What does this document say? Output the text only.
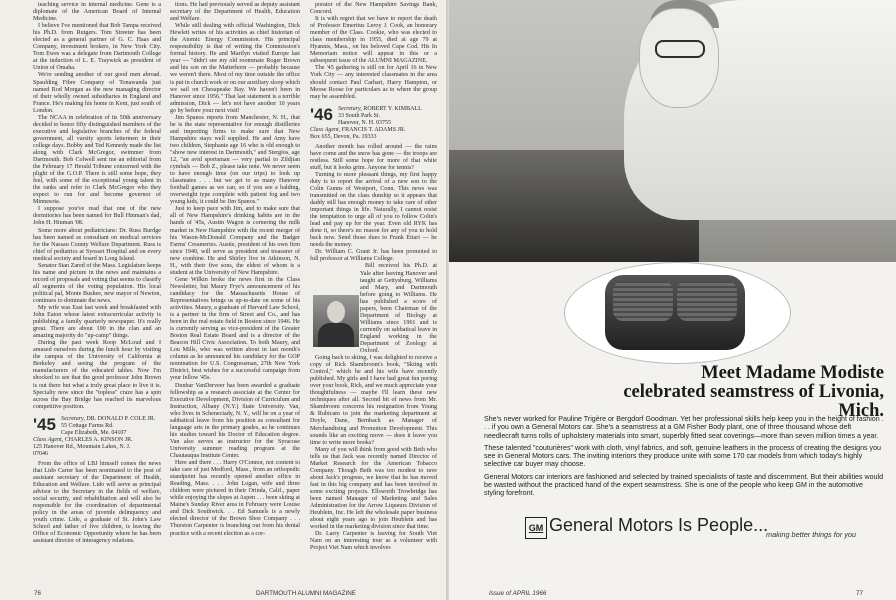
teaching service in internal medicine. Gene is a diplomate of the American Board of Internal Medicine.

I believe I've mentioned that Bob Tampa received his Ph.D. from Rutgers. Tom Streeter has been elected as a general partner of G. C. Haas and Company, investment brokers, in New York City. Tom Ewes was a delegate from Dartmouth College at the induction of L. E. Traywick as president of Union of Omaha.

We're sending another of our good men abroad. Spaulding Fibre Company of Tonawanda just named Rod Morgan as the new managing director of their wholly owned subsidiaries in England and France. He's making his home in Kent, just south of London.

The NCAA in celebration of its 50th anniversary decided to honor fifty distinguished members of the executive and legislative branches of the federal government, all varsity sports lettermen in their college days. Bobby and Ted Kennedy made the list along with Clark McGregor, swimmer from Dartmouth. Bob Colwell sent me an editorial from the February 17 Herald Tribune concerned with the plight of the G.O.P. There is still some hope, they feel, with some of the exceptional young talent in the ranks and refer to Clark McGregor who they expect to run for and become governor of Minnesota.

I suppose you've read that one of the new dormitories has been named for Bull Hinman's dad, John H. Hinman '08.

Some more about pediatricians: Dr. Russ Burdge has been named as consultant on medical services for the Nassau County Welfare Department. Russ is chief of pediatrics at Syosset Hospital and on every medical society and board in Long Island.

Senator Stan Zared of the Mass. Legislature keeps his name and picture in the news and maintains a record of proposals and voting that seems to classify all segments of the voting population. His local political pal, Monte Bushee, new mayor of Newton, continues to dominate the news.

My wife was East last week and breakfasted with John Eaton whose latest extracurricular activity is publishing a family quarterly newspaper. It's really great. There are about 100 in the clan and an amazing majority do "up-camp" things.

During the past week Roop McLoud and I amused ourselves during the lunch hour by visiting the campus of the University of California at Berkeley and seeing the program of the manufacturers of the educated tables. Now I'm shocked to see that the good professor John Brown is out there but what a truly great place to live it is. Specialty now since the "topless" craze has a spin across the Bay Bridge has reached its marvelous competitive position.

'45 Secretary, DR. DONALD P. COLE JR.
55 Cottage Farms Rd.
Cape Elizabeth, Me. 04107
Class Agent, CHARLES A. KINSON JR.
125 Hanover Rd., Mountain Lakes, N. J.
07046

From the office of LBJ himself comes the news that Lido Carter has been nominated to the post of assistant secretary of the Department of Health, Education and Welfare. Lido will serve as principal advisor to the Secretary in the fields of welfare, social security, and rehabilitation and will also be responsible for the coordination of departmental policy in the areas of juvenile delinquency and youth crime. Lide, a graduate of St. John's Law School and father of five children, is leaving the Office of Economic Opportunity where he has been assistant director of interagency relations.

tions. He had previously served as deputy assistant secretary of the Department of Health, Education and Welfare.

While still dealing with official Washington, Dick Hewlett writes of his activities as chief historian of the Atomic Energy Commission. His principal responsibility is that of writing the Commission's formal history. He and Marilyn visited Europe last year — "didn't see my old roommate Roger Brown and his son on the Matterhorn — probably because we weren't there. Most of my time outside the office is put in church work or on our auxiliary sloop which we sail on Chesapeake Bay. We haven't been in Hanover since 1956." That last statement is a terrible admission, Dick — let's not have another 10 years go by before your next visit!

Jim Spanos reports from Manchester, N. H., that he is the state representative for enough distilleries and importing firms to make sure that New Hampshire stays well supplied. He and Amy have two children, Stephanie age 16 who is old enough to "show new interest in Dartmouth," and Stergios, age 12, "an avid sportsman — very partial to Zildjian cymbals — Bob Z., please take note. We never seem to have enough time (on our trips) to look up classmates . . . but we get to as many Hanover football games as we can, so if you see a balding, overweight type complete with patient fog and two young kids, it could be Jim Spanos."

Just to keep pace with Jim, and to make sure that all of New Hampshire's drinking habits are in the hands of '45s, Austin Wagon is cornering the milk market in New Hampshire with the recent merger of his Wason-McDonald Company and the Badger Farms' Creameries. Austie, president of his own firm since 1949, will serve as president and treasurer of new combine. He and Shirley live in Atkinson, N. H., with their five sons, the eldest of whom is a student at the University of New Hampshire.

Gene Wilkin broke the news first in the Class Newsletter, but Maury Frye's announcement of his candidacy for the Massachusetts House of Representatives brings us up-to-date on some of his activities. Maury, a graduate of Harvard Law School, is a partner in the firm of Street and Co., and has been in the real estate field in Boston since 1946. He is currently serving as vice-president of the Greater Boston Real Estate Board and is a director of the Beacon Hill Civic Association. To both Maury, and Lou Mills, who was written about in last month's column as he announced his candidacy for the GOP nomination for U.S. Congressman, 27th New York District, best wishes for a successful campaign from your fellow '45s.

Dunbar VanDerveer has been awarded a graduate fellowship as a research associate at the Center for Executive Development, Division of Curriculum and Instruction, Albany (N.Y.) State University. Van, who lives in Schenectady, N. Y., will be on a year of sabbatical leave from his position as consultant for language arts in the primary grades, as he continues his studies toward his Doctor of Education degree. Van also serves as instructor for the Syracuse University summer reading program at the Chautauqua Institute Center.

Here and there . . . Harry O'Connor, not content to take care of just Medford, Mass., from an orthopedic standpoint has recently opened another office in Reading, Mass. . . . John Logan, wife and three children were pictured in their Orinda, Calif., paper while enjoying the slopes at Aspen . . . been skiing at Maine's Sunday River area in February were Louise and Dick Southwick. . . Ed Samuels is a newly elected director of the Brown Shoe Company . . . Thurston Carpenter is branching out from his dental practice with a recent election as a cor-

porator of the New Hampshire Savings Bank, Concord.

It is with regret that we have to report the death of Professor Emeritus Leroy J. Cook, an honorary member of the Class. Cookie, who was elected to class membership in 1955, died at age 79 at Hyannis, Mass., on his beloved Cape Cod. His In Memoriam notice will appear in this or a subsequent issue of the ALUMNI MAGAZINE.

The '45 gathering is still on for April 16 in New York City — any interested classmates in the area should contact Paul Carhart, Harry Hampton, or Moose Roose for particulars as to where the group may be assembled.

'46 Secretary, ROBERT Y. KIMBALL
33 South Park St.
Hanover, N. H. 03755
Class Agent, FRANCIS T. ADAMS JR.
Box 655, Devon, Pa. 19333

Another month has rolled around — the rains have come and the snow has gone — the troops are restless. Still some hope for more of that white stuff, but it looks grim. Anyone for tennis?

Turning to more pleasant things, my first happy duty is to report the arrival of a new son to the Colin Gunns of Westport, Conn. This news was transmitted on the class dunship so it appears that daddy still has enough money to take care of other important things in life. Naturally, I cannot resist the temptation to urge all of you to follow Colin's lead and pay up for the year. Even old RYK has done it, so there's no reason for any of you to hold back now. Send those dues to Frank Ettari — he needs the money.

Dr. William C. Grant Jr. has been promoted to full professor at Williams College.

Bill received his Ph.D. at Yale after leaving Hanover and taught at Gettysburg, Williams and Mary, and Dartmouth before going to Williams. He has published a score of papers, been Chairman of the Department of Biology at Williams since 1961 and is currently on sabbatical leave in England working in the Department of Zoology at Oxford.

Going back to skiing, I was delighted to receive a copy of Rick Shambroom's book, "Skiing with Control," which he and his wife have recently published. My girls and I have had great fun poring over your book, Rick, and we much appreciate your thoughtfulness — maybe I'll learn these new techniques after all. Second bit of news from Mr. Shambroom concerns his resignation from Young & Rubicam to join the marketing department at Doyle, Dane, Bernbach as Manager of Merchandising and Promotion Development. This sounds like an exciting move — does it leave you time to write more books?

Many of you will think from good with Beth who tells us that Jack was recently named Director of Market Research for the American Tobacco Company. Though Beth was too modest to rave about Jack's progress, we know that he has moved fast in this big company and has been involved in some exciting projects. Ellsworth Trowbridge has been named Manager of Marketing and Sales Administration for the Arrow Liqueurs Division of Heublein, Inc. He left the wholesale paper business about eight years ago to join Heublein and has worked in the marketing division since that time.

Dr. Larry Carpenter is leaving for South Viet Nam on an interesting tour as a volunteer with Project Viet Nam which involves

76	DARTMOUTH ALUMNI MAGAZINE
Meet Madame Modiste
celebrated seamstress of Livonia, Mich.

She's never worked for Pauline Trigère or Bergdorf Goodman. Yet her professional skills help keep you in the height of fashion . . . if you own a General Motors car. She's a seamstress at a GM Fisher Body plant, one of three thousand whose deft needlecraft turns rolls of upholstery materials into smart, superbly fitted seat coverings—more than seven million times a year.

These talented "couturières" work with cloth, vinyl fabrics, and soft, genuine leathers in the process of creating the designs you see in General Motors cars. The inviting interiors they produce unite with some 170 car models from which today's highly selective car buyer may choose.

General Motors car interiors are fashioned and selected by trained specialists of taste and discernment. But their abilities would be wasted without the practiced hand of the expert seamstress. She is one of the people who keep GM in the automotive styling forefront.

GM General Motors Is People...
making better things for you
Issue of APRIL 1966	77
